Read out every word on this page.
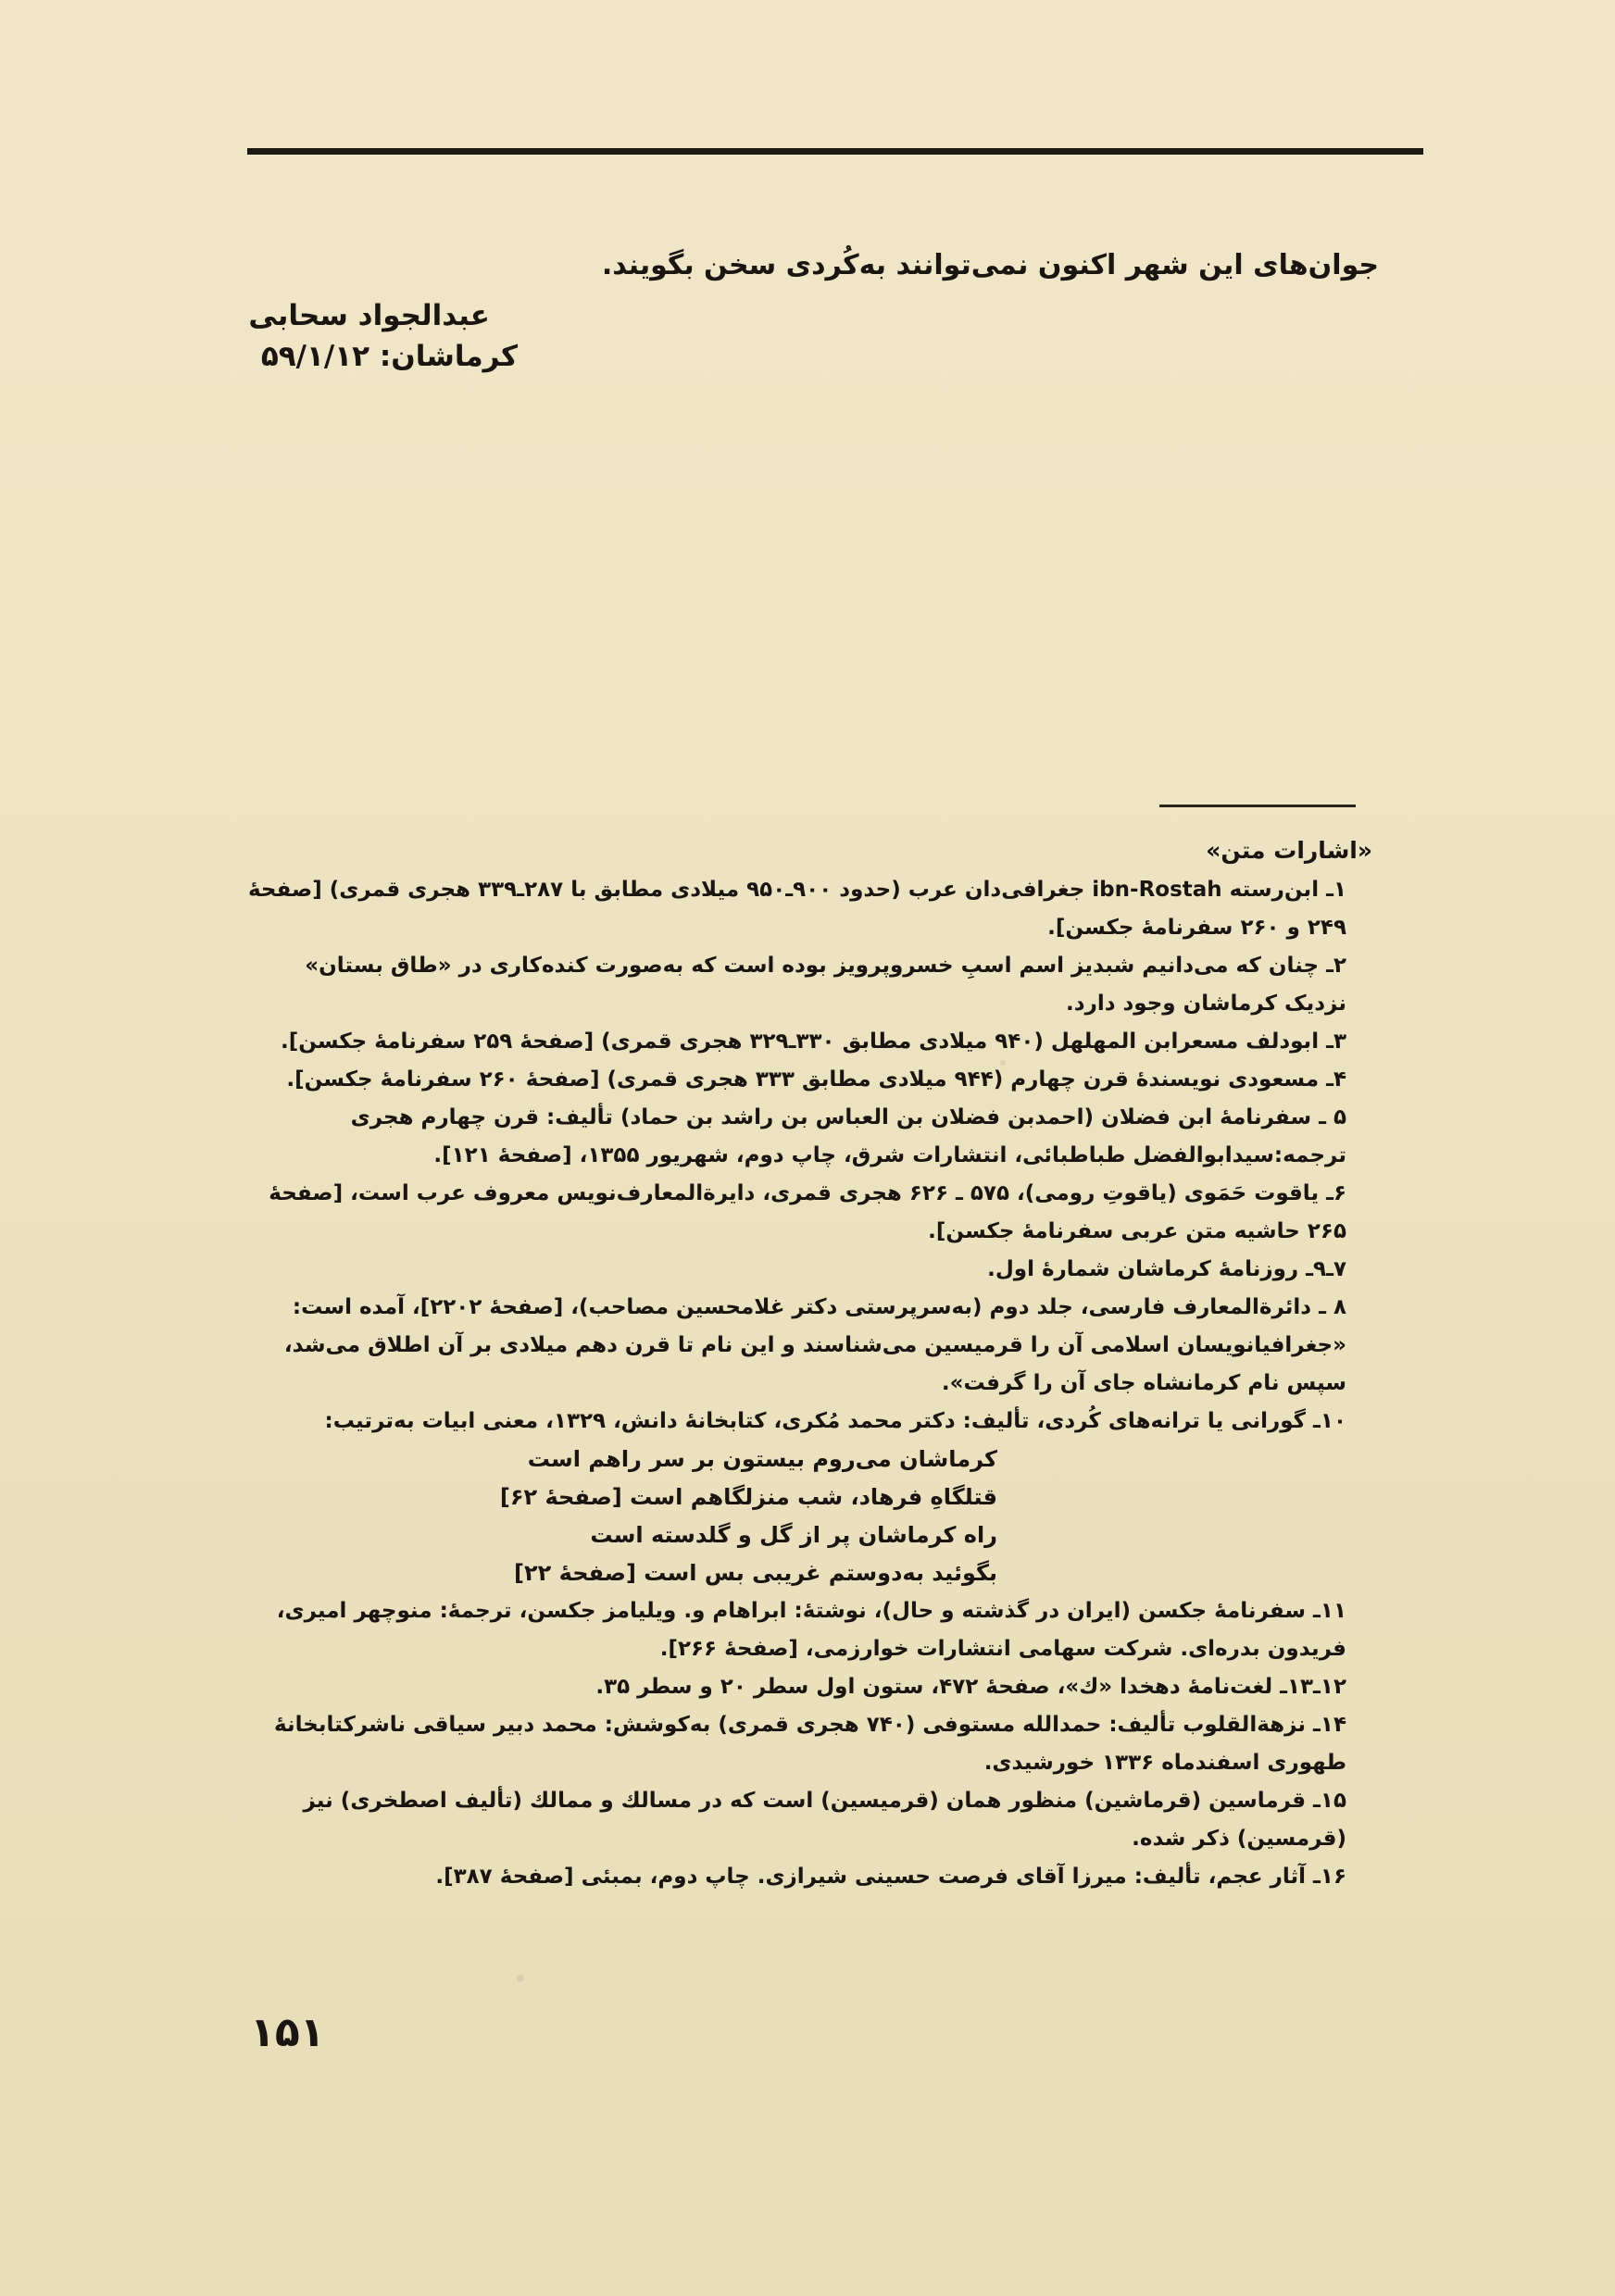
جوان‌های این شهر اکنون نمی‌توانند به‌کُردی سخن بگویند.
عبدالجواد سحابی
کرماشان: ۵۹/۱/۱۲
«اشارات متن»

۱ـ ابن‌رسته ibn-Rostah جغرافی‌دان عرب (حدود ۹۰۰ـ۹۵۰ میلادی مطابق با ۲۸۷ـ۳۳۹ هجری قمری) [صفحهٔ ۲۴۹ و ۲۶۰ سفرنامهٔ جکسن].

۲ـ چنان که می‌دانیم شبدیز اسم اسبِ خسروپرویز بوده است که به‌صورت کنده‌کاری در «طاق بستان» نزدیک کرماشان وجود دارد.

۳ـ ابودلف مسعرابن المهلهل (۹۴۰ میلادی مطابق ۳۳۰ـ۳۲۹ هجری قمری) [صفحهٔ ۲۵۹ سفرنامهٔ جکسن].

۴ـ مسعودی نویسندهٔ قرن چهارم (۹۴۴ میلادی مطابق ۳۳۳ هجری قمری) [صفحهٔ ۲۶۰ سفرنامهٔ جکسن].

۵ ـ سفرنامهٔ ابن فضلان (احمدبن فضلان بن العباس بن راشد بن حماد) تألیف: قرن چهارم هجری ترجمه:سیدابوالفضل طباطبائی، انتشارات شرق، چاپ دوم، شهریور ۱۳۵۵، [صفحهٔ ۱۲۱].

۶ـ یاقوت حَمَوی (یاقوتِ رومی)، ۵۷۵ ـ ۶۲۶ هجری قمری، دایرةالمعارف‌نویس معروف عرب است، [صفحهٔ ۲۶۵ حاشیه متن عربی سفرنامهٔ جکسن].

۷ـ۹ـ روزنامهٔ کرماشان شمارهٔ اول.

۸ ـ دائرةالمعارف فارسی، جلد دوم (به‌سرپرستی دکتر غلامحسین مصاحب)، [صفحهٔ ۲۲۰۲]، آمده است: «جغرافیانویسان اسلامی آن را قرمیسین می‌شناسند و این نام تا قرن دهم میلادی بر آن اطلاق می‌شد، سپس نام کرمانشاه جای آن را گرفت».

۱۰ـ گورانی یا ترانه‌های کُردی، تألیف: دکتر محمد مُکری، کتابخانهٔ دانش، ۱۳۲۹، معنی ابیات به‌ترتیب:

کرماشان می‌روم بیستون بر سر راهم است
قتلگاهِ فرهاد، شب منزلگاهم است [صفحهٔ ۶۲]
راه کرماشان پر از گل و گلدسته است
بگوئید به‌دوستم غریبی بس است [صفحهٔ ۲۲]

۱۱ـ سفرنامهٔ جکسن (ایران در گذشته و حال)، نوشتهٔ: ابراهام و. ویلیامز جکسن، ترجمهٔ: منوچهر امیری، فریدون بدره‌ای. شرکت سهامی انتشارات خوارزمی، [صفحهٔ ۲۶۶].

۱۲ـ۱۳ـ لغت‌نامهٔ دهخدا «ك»، صفحهٔ ۴۷۲، ستون اول سطر ۲۰ و سطر ۳۵.

۱۴ـ نزهةالقلوب تألیف: حمدالله مستوفی (۷۴۰ هجری قمری) به‌کوشش: محمد دبیر سیاقی ناشرکتابخانهٔ طهوری اسفندماه ۱۳۳۶ خورشیدی.

۱۵ـ قرماسین (قرماشین) منظور همان (قرمیسین) است که در مسالك و ممالك (تألیف اصطخری) نیز (قرمسین) ذکر شده.

۱۶ـ آثار عجم، تألیف: میرزا آقای فرصت حسینی شیرازی. چاپ دوم، بمبئی [صفحهٔ ۳۸۷].

۱۵۱
